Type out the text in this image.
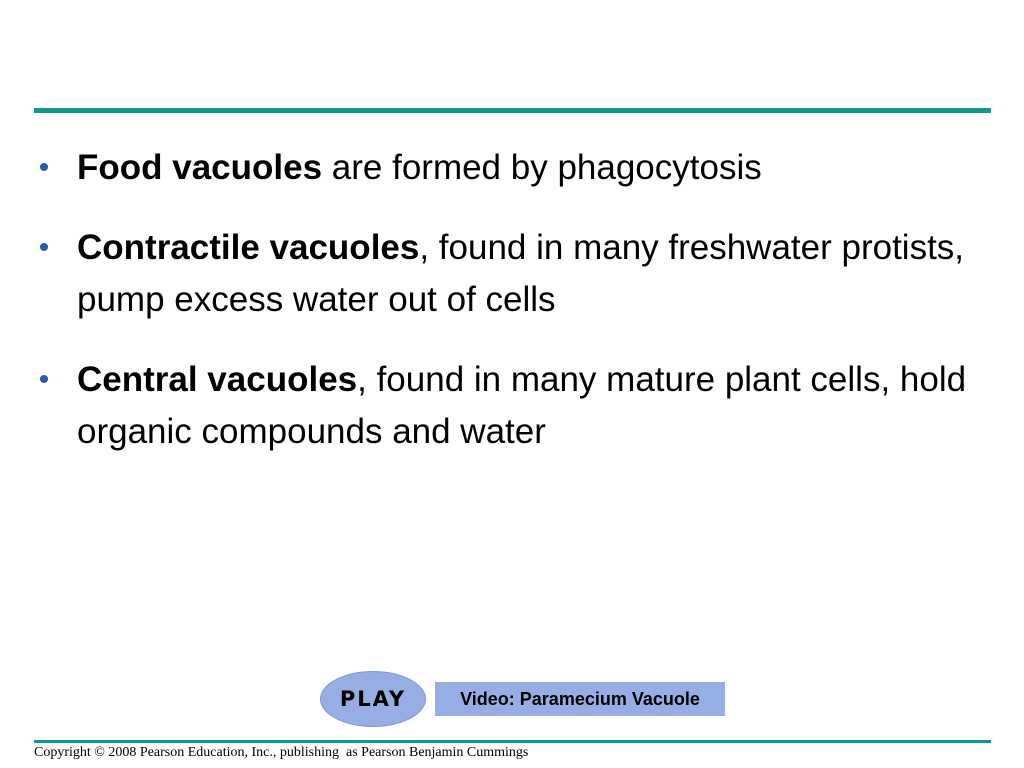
• Food vacuoles are formed by phagocytosis
• Contractile vacuoles, found in many freshwater protists, pump excess water out of cells
• Central vacuoles, found in many mature plant cells, hold organic compounds and water
PLAY	Video: Paramecium Vacuole
Copyright © 2008 Pearson Education, Inc., publishing  as Pearson Benjamin Cummings
